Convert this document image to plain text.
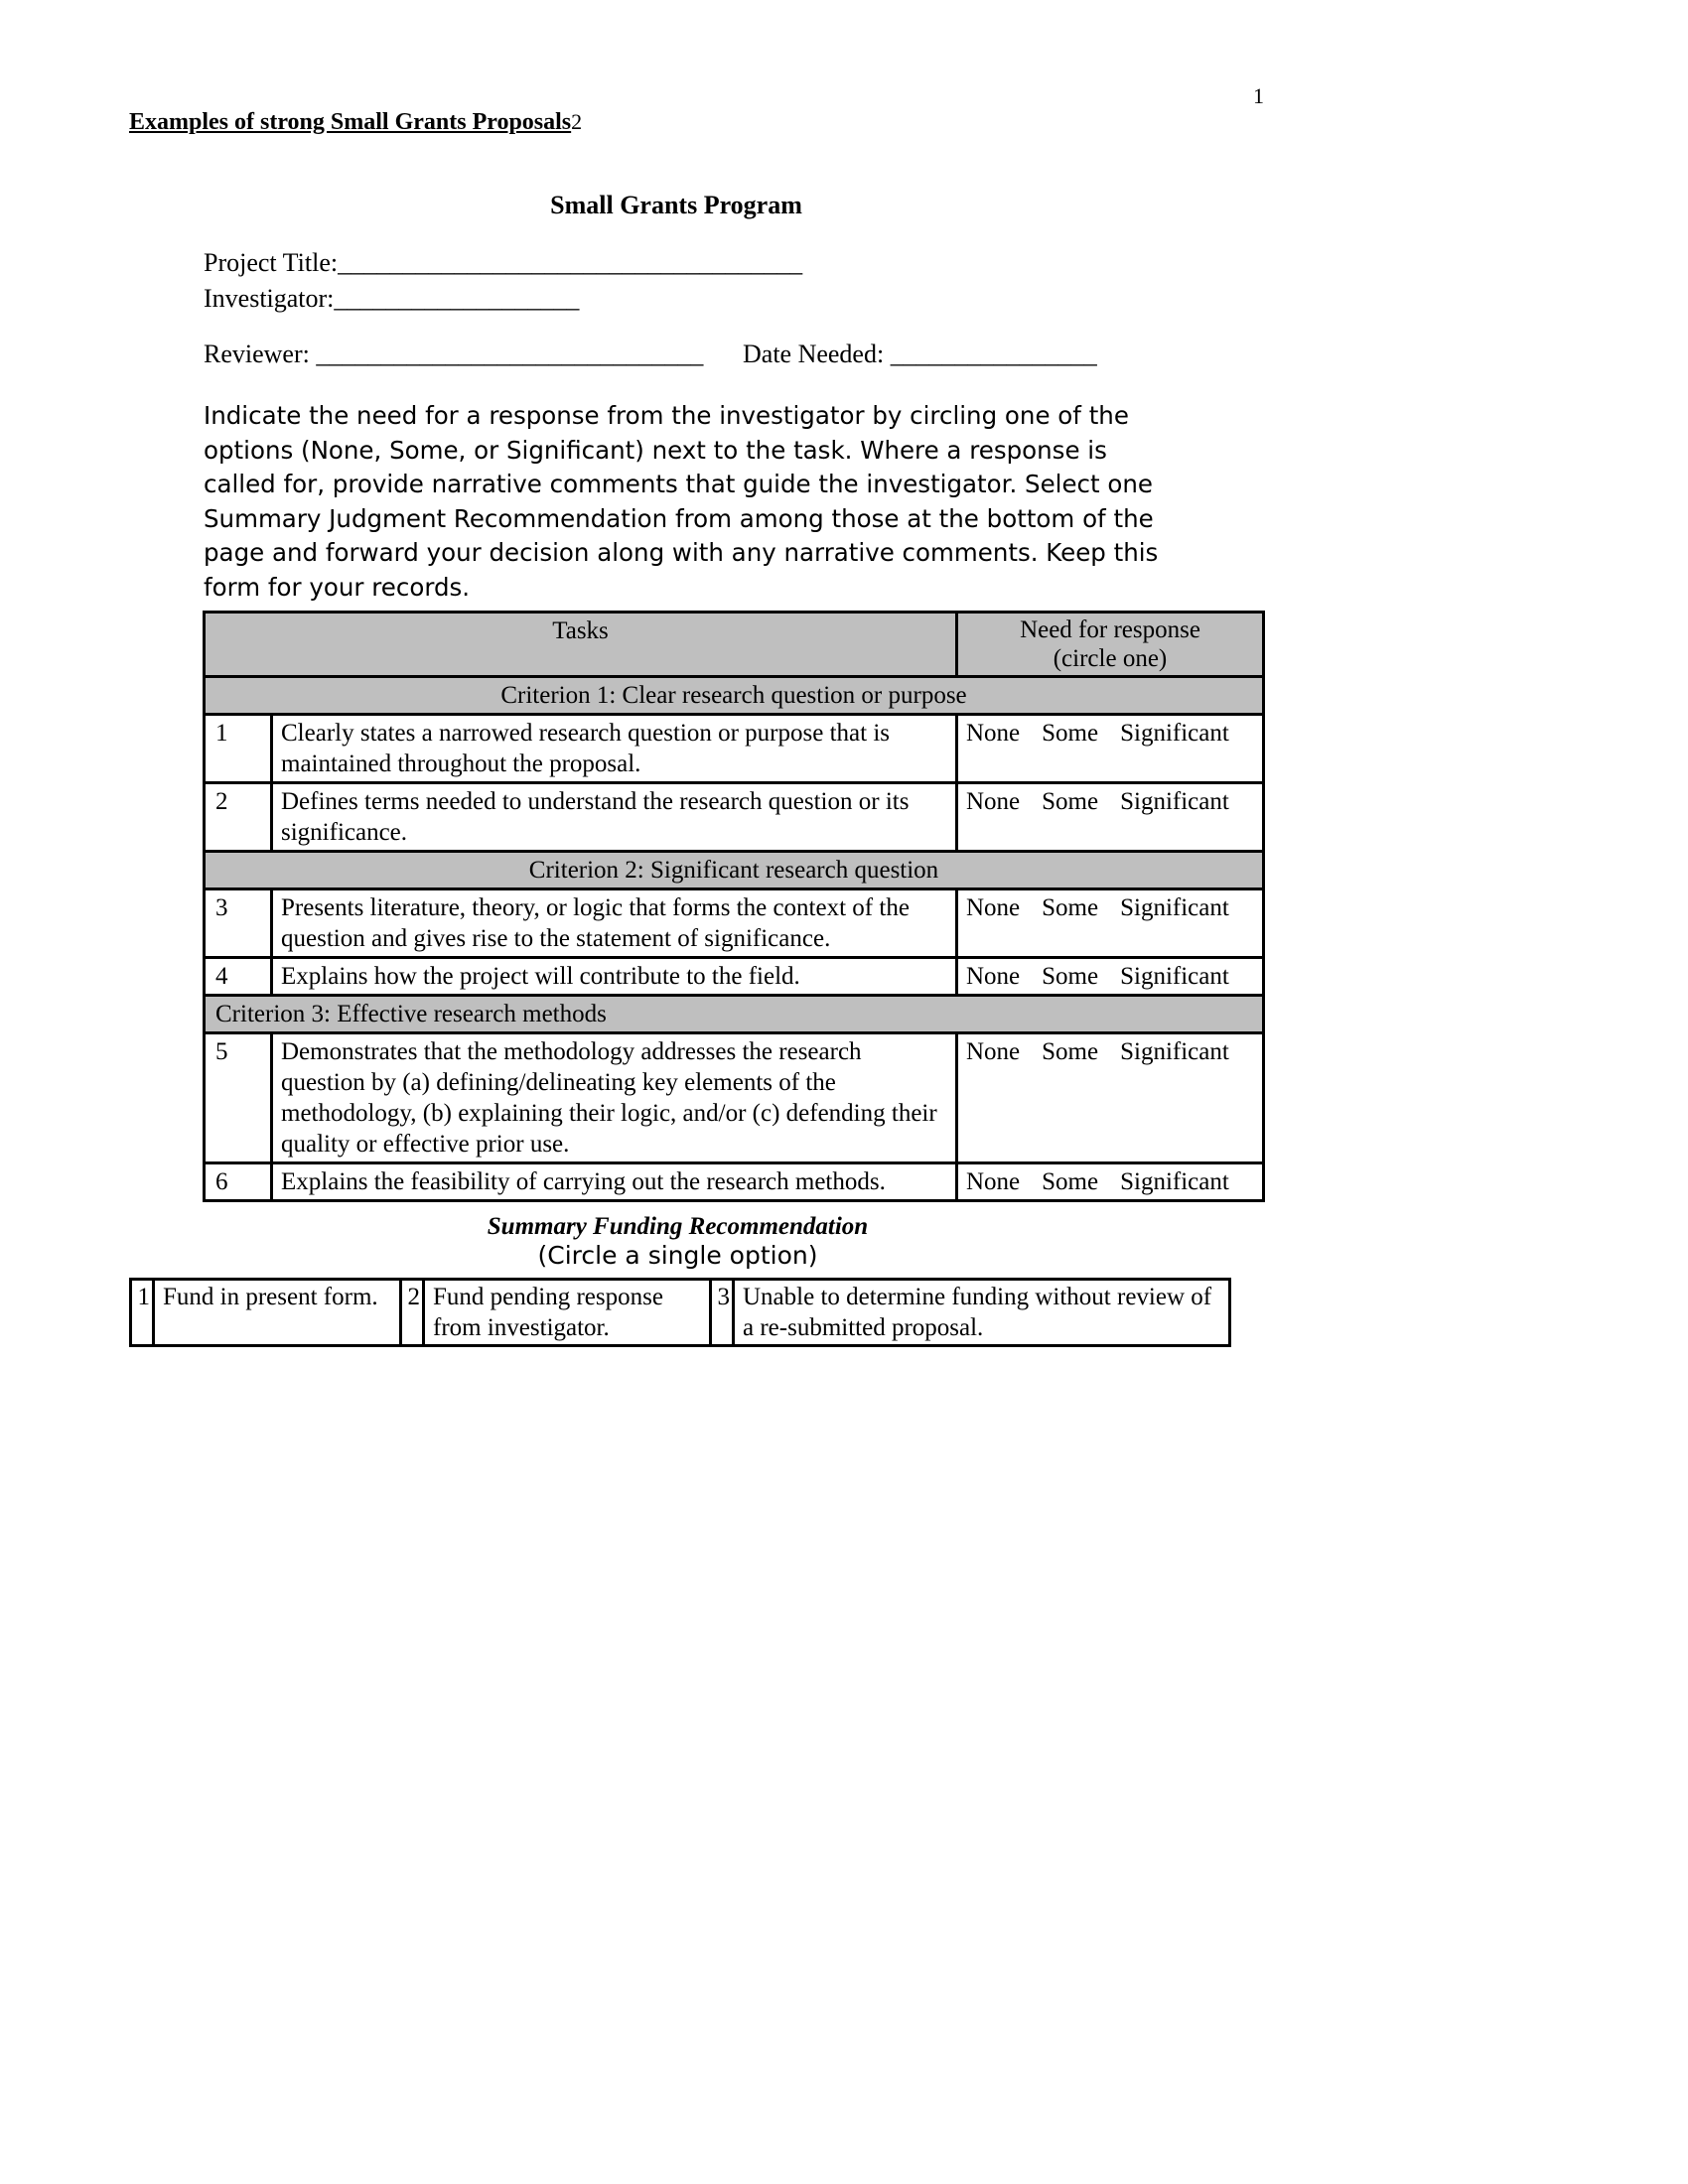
1
Examples of strong Small Grants Proposals2
Small Grants Program
Project Title:____________________________________
Investigator:___________________
Reviewer: ______________________________ Date Needed: ________________
Indicate the need for a response from the investigator by circling one of the options (None, Some, or Significant) next to the task. Where a response is called for, provide narrative comments that guide the investigator. Select one Summary Judgment Recommendation from among those at the bottom of the page and forward your decision along with any narrative comments. Keep this form for your records.
Tasks		Need for response
(circle one)

Criterion 1: Clear research question or purpose		
1	Clearly states a narrowed research question or purpose that is maintained throughout the proposal.	None Some Significant
2	Defines terms needed to understand the research question or its significance.	None Some Significant
Criterion 2: Significant research question		
3	Presents literature, theory, or logic that forms the context of the question and gives rise to the statement of significance.	None Some Significant
4	Explains how the project will contribute to the field.	None Some Significant
Criterion 3: Effective research methods		
5	Demonstrates that the methodology addresses the research question by (a) defining/delineating key elements of the methodology, (b) explaining their logic, and/or (c) defending their quality or effective prior use.	None Some Significant
6	Explains the feasibility of carrying out the research methods.	None Some Significant
Summary Funding Recommendation
(Circle a single option)
1	Fund in present form.	2	Fund pending response from investigator.	3	Unable to determine funding without review of a re-submitted proposal.
